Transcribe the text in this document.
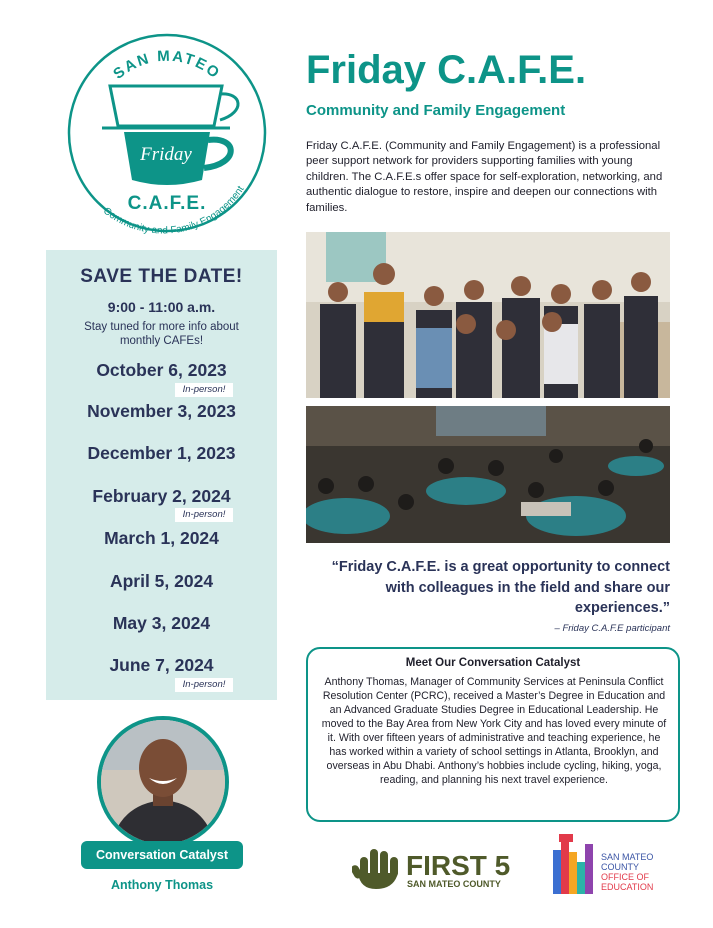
SAN MATEO
Friday
C.A.F.E.
Community and Family Engagement
SAVE THE DATE!
9:00 - 11:00 a.m.
Stay tuned for more info about monthly CAFEs!
October 6, 2023
In-person!
November 3, 2023
December 1, 2023
February 2, 2024
In-person!
March 1, 2024
April 5, 2024
May 3, 2024
June 7, 2024
In-person!
Conversation Catalyst
Anthony Thomas
Friday C.A.F.E.
Community and Family Engagement
Friday C.A.F.E. (Community and Family Engagement) is a professional peer support network for providers supporting families with young children. The C.A.F.E.s offer space for self-exploration, networking, and authentic dialogue to restore, inspire and deepen our connections with families.
“Friday C.A.F.E. is a great opportunity to connect with colleagues in the field and share our experiences.”
– Friday C.A.F.E participant
Meet Our Conversation Catalyst
Anthony Thomas, Manager of Community Services at Peninsula Conflict Resolution Center (PCRC), received a Master’s Degree in Education and an Advanced Graduate Studies Degree in Educational Leadership. He moved to the Bay Area from New York City and has loved every minute of it. With over fifteen years of administrative and teaching experience, he has worked within a variety of school settings in Atlanta, Brooklyn, and overseas in Abu Dhabi. Anthony’s hobbies include cycling, hiking, yoga, reading, and planning his next travel experience.
FIRST 5
SAN MATEO COUNTY
SAN MATEO COUNTY OFFICE OF EDUCATION
